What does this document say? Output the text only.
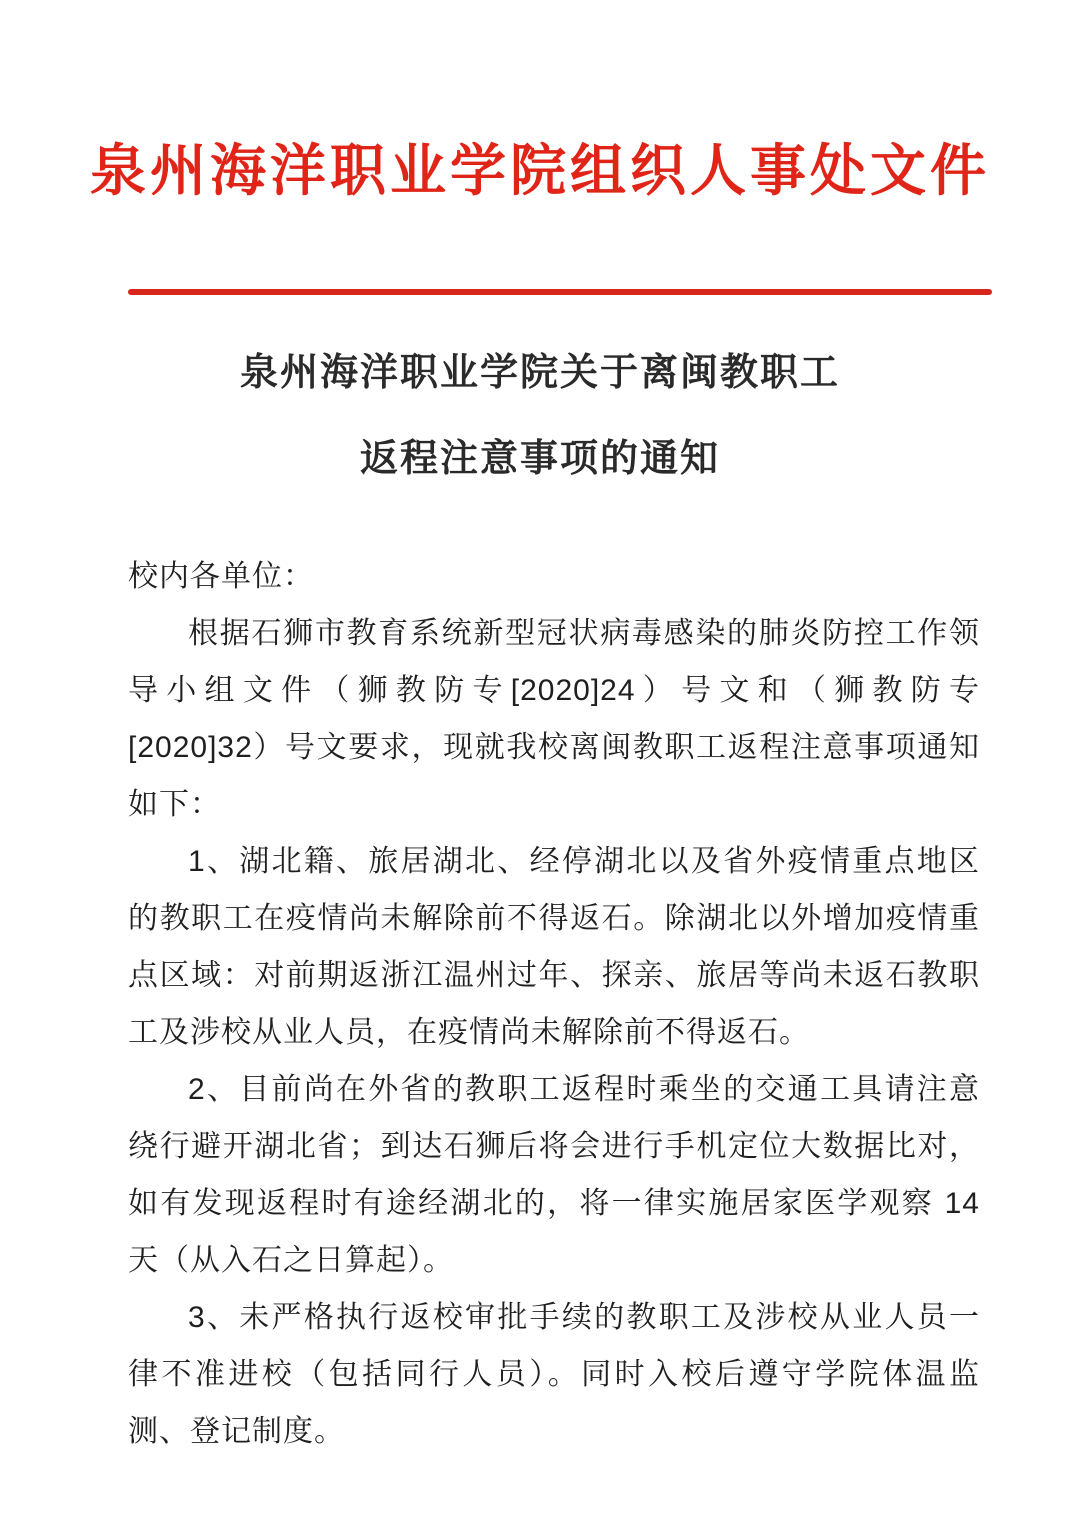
泉州海洋职业学院组织人事处文件
泉州海洋职业学院关于离闽教职工
返程注意事项的通知

校内各单位：

根据石狮市教育系统新型冠状病毒感染的肺炎防控工作领导小组文件（狮教防专[2020]24）号文和（狮教防专[2020]32）号文要求，现就我校离闽教职工返程注意事项通知如下：

1、湖北籍、旅居湖北、经停湖北以及省外疫情重点地区的教职工在疫情尚未解除前不得返石。除湖北以外增加疫情重点区域：对前期返浙江温州过年、探亲、旅居等尚未返石教职工及涉校从业人员，在疫情尚未解除前不得返石。

2、目前尚在外省的教职工返程时乘坐的交通工具请注意绕行避开湖北省；到达石狮后将会进行手机定位大数据比对，如有发现返程时有途经湖北的，将一律实施居家医学观察 14 天（从入石之日算起）。

3、未严格执行返校审批手续的教职工及涉校从业人员一律不准进校（包括同行人员）。同时入校后遵守学院体温监测、登记制度。
